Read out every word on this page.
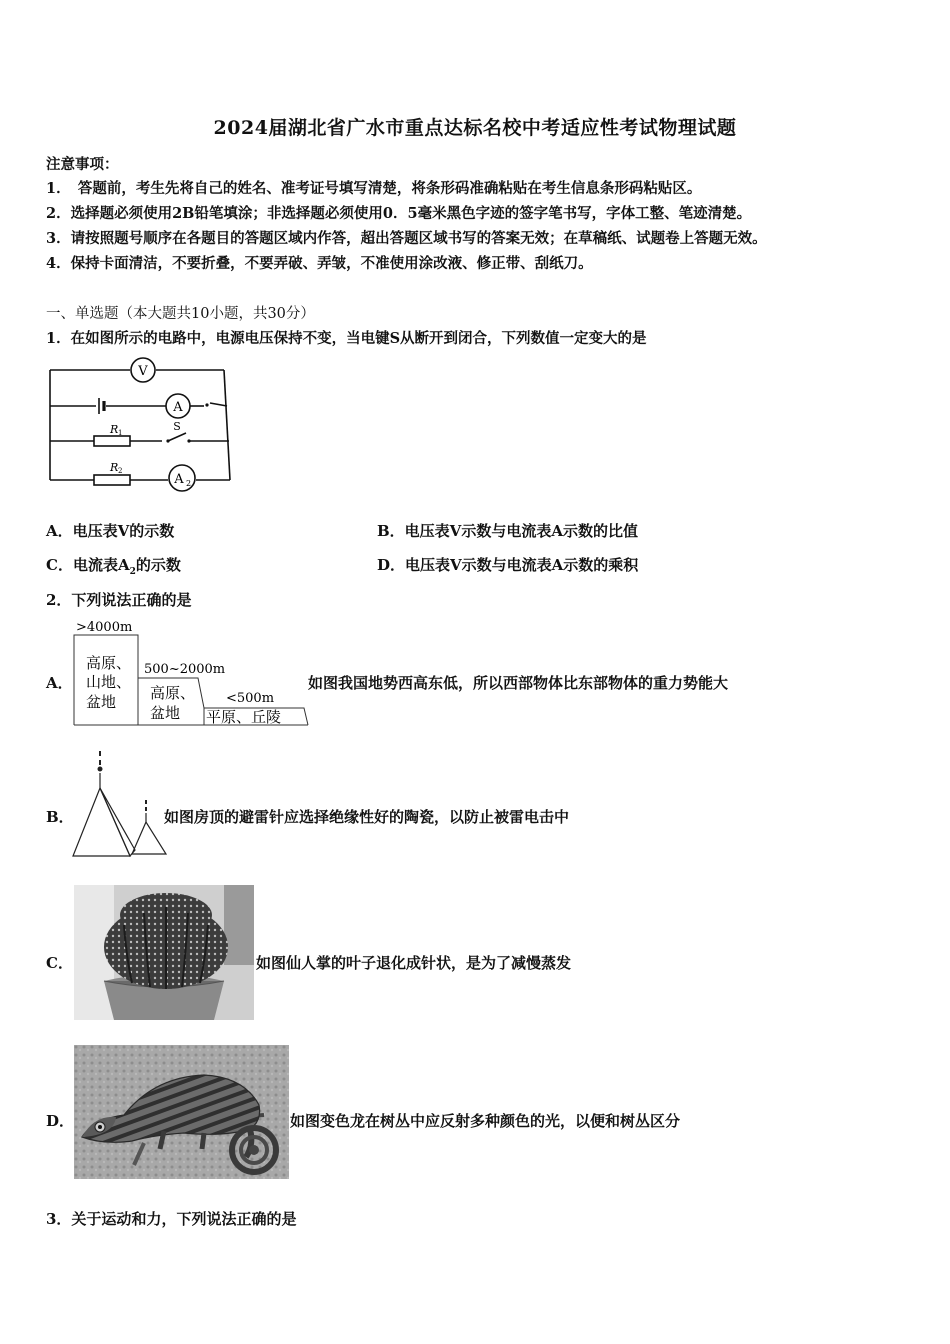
2024届湖北省广水市重点达标名校中考适应性考试物理试题
注意事项：
1．　答题前，考生先将自己的姓名、准考证号填写清楚，将条形码准确粘贴在考生信息条形码粘贴区。
2．选择题必须使用2B铅笔填涂；非选择题必须使用0．5毫米黑色字迹的签字笔书写，字体工整、笔迹清楚。
3．请按照题号顺序在各题目的答题区域内作答，超出答题区域书写的答案无效；在草稿纸、试题卷上答题无效。
4．保持卡面清洁，不要折叠，不要弄破、弄皱，不准使用涂改液、修正带、刮纸刀。
一、单选题（本大题共10小题，共30分）
1．在如图所示的电路中，电源电压保持不变，当电键S从断开到闭合，下列数值一定变大的是
V
A
S
R 1
R 2
A 2
A．电压表V的示数	B．电压表V示数与电流表A示数的比值
C．电流表$A_2$的示数	D．电压表V示数与电流表A示数的乘积
2．下列说法正确的是
A．
>4000m
高原、
山地、
盆地
500~2000m
高原、
盆地
<500m
平原、丘陵
如图我国地势西高东低，所以西部物体比东部物体的重力势能大
B．	如图房顶的避雷针应选择绝缘性好的陶瓷，以防止被雷电击中
C．	如图仙人掌的叶子退化成针状，是为了减慢蒸发
D．	如图变色龙在树丛中应反射多种颜色的光，以便和树丛区分
3．关于运动和力，下列说法正确的是
